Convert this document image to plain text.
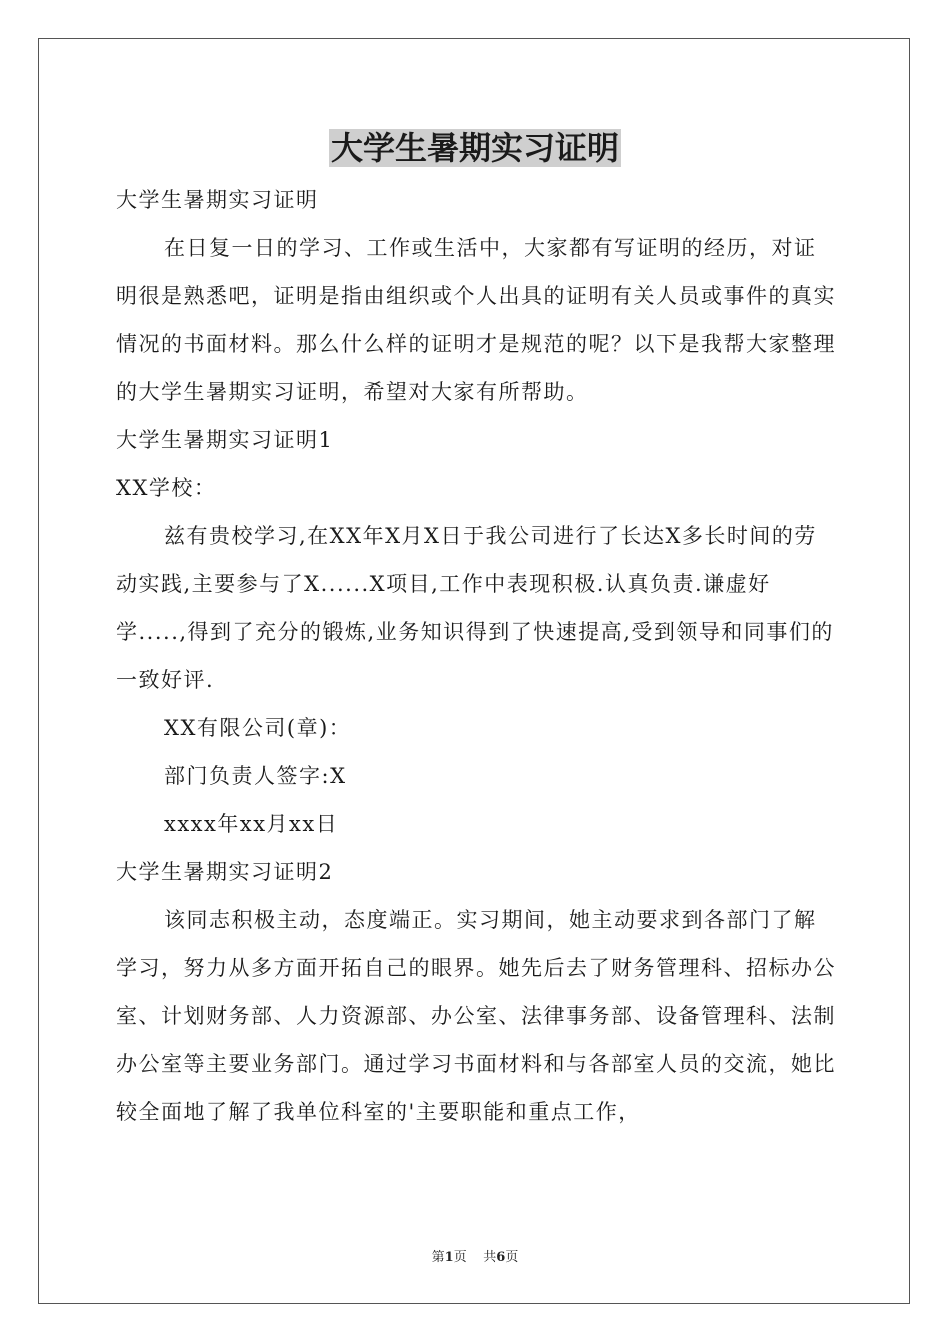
大学生暑期实习证明

大学生暑期实习证明

在日复一日的学习、工作或生活中，大家都有写证明的经历，对证明很是熟悉吧，证明是指由组织或个人出具的证明有关人员或事件的真实情况的书面材料。那么什么样的证明才是规范的呢？以下是我帮大家整理的大学生暑期实习证明，希望对大家有所帮助。

大学生暑期实习证明1

XX学校：

兹有贵校学习,在XX年X月X日于我公司进行了长达X多长时间的劳动实践,主要参与了X......X项目,工作中表现积极.认真负责.谦虚好学.....,得到了充分的锻炼,业务知识得到了快速提高,受到领导和同事们的一致好评.

XX有限公司(章)：

部门负责人签字:X

xxxx年xx月xx日

大学生暑期实习证明2

该同志积极主动，态度端正。实习期间，她主动要求到各部门了解学习，努力从多方面开拓自己的眼界。她先后去了财务管理科、招标办公室、计划财务部、人力资源部、办公室、法律事务部、设备管理科、法制办公室等主要业务部门。通过学习书面材料和与各部室人员的交流，她比较全面地了解了我单位科室的'主要职能和重点工作，

第1页 共6页
